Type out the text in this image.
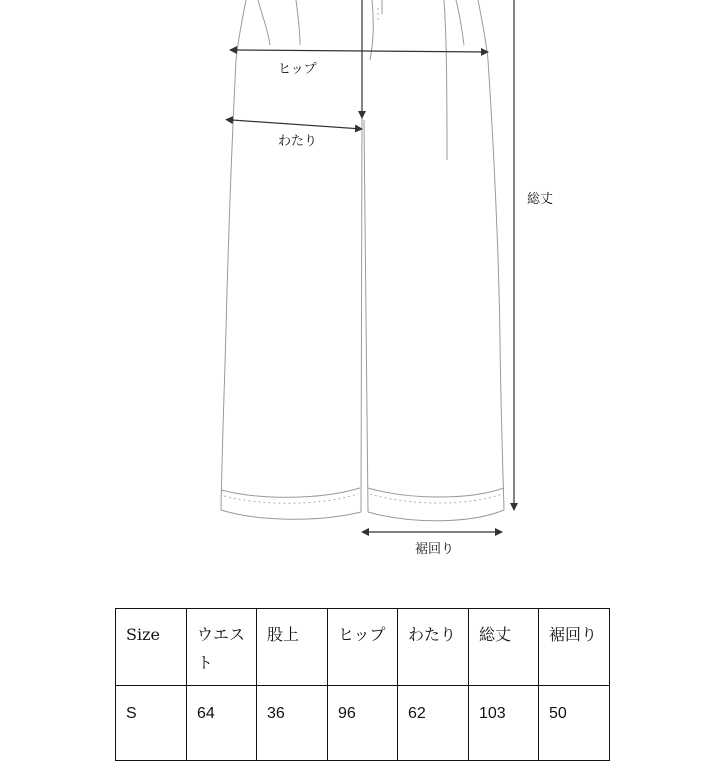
ヒップ
わたり
総丈
裾回り
Size	ウエスト	股上	ヒップ	わたり	総丈	裾回り
S	64	36	96	62	103	50
